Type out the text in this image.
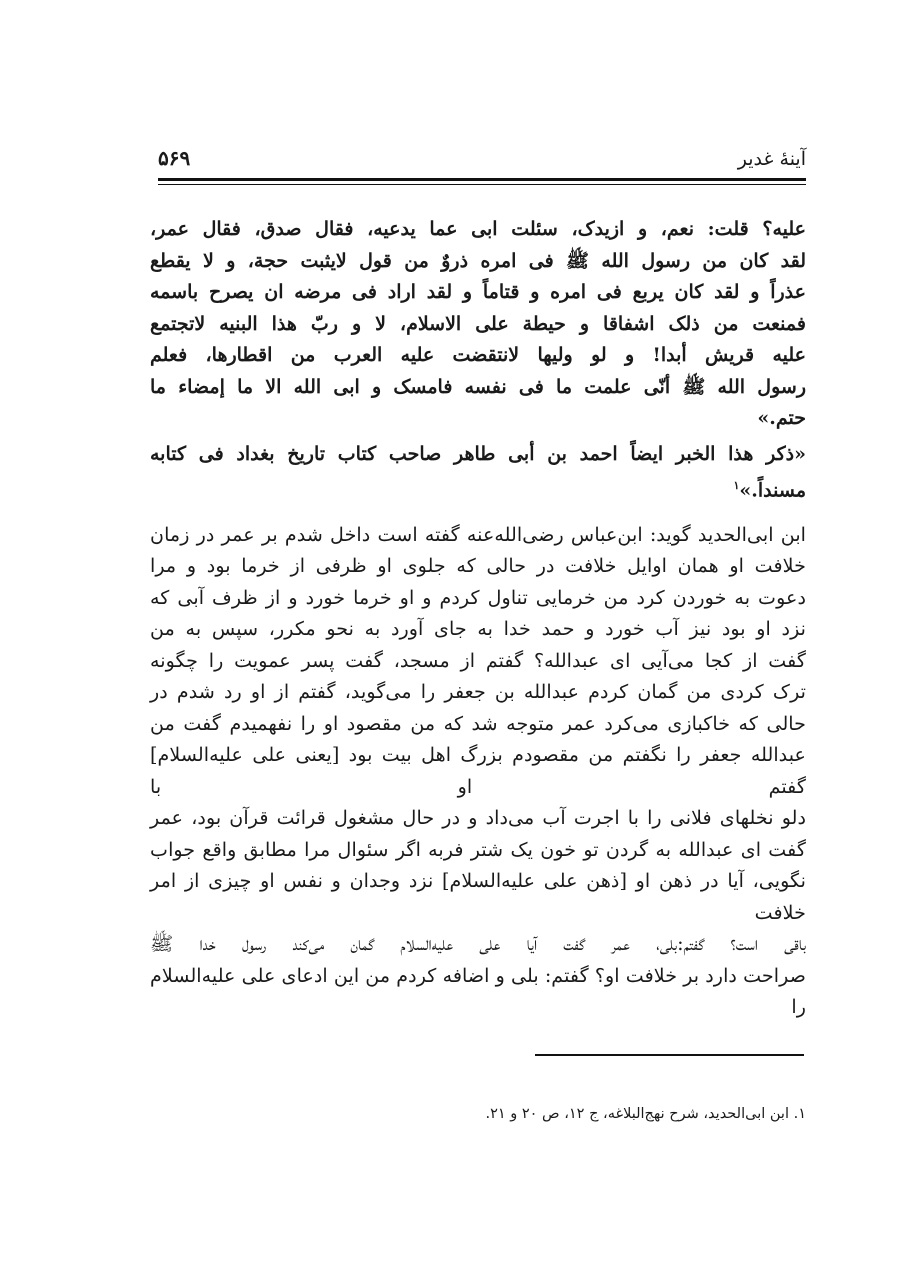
آینهٔ غدیر
۵۶۹
علیه؟ قلت: نعم، و ازیدک، سئلت ابی عما یدعیه، فقال صدق، فقال عمر،
لقد کان من رسول الله ﷺ فی امره ذروٌ من قول لایثبت حجة، و لا یقطع
عذراً و لقد کان یربع فی امره و قتاماً و لقد اراد فی مرضه ان یصرح باسمه
فمنعت من ذلک اشفاقا و حیطة علی الاسلام، لا و ربّ هذا البنیه لاتجتمع
علیه قریش أبدا! و لو ولیها لانتقضت علیه العرب من اقطارها، فعلم
رسول الله ﷺ أنّی علمت ما فی نفسه فامسک و ابی الله الا ما إمضاء ما
حتم.»
«ذکر هذا الخبر ایضاً احمد بن أبی طاهر صاحب کتاب تاریخ بغداد فی کتابه
مسنداً.»$^۱$
ابن ابی‌الحدید گوید: ابن‌عباس رضی‌الله‌عنه گفته است داخل شدم بر عمر در زمان
خلافت او همان اوایل خلافت در حالی که جلوی او ظرفی از خرما بود و مرا
دعوت به خوردن کرد من خرمایی تناول کردم و او خرما خورد و از ظرف آبی که
نزد او بود نیز آب خورد و حمد خدا به جای آورد به نحو مکرر، سپس به من
گفت از کجا می‌آیی ای عبدالله؟ گفتم از مسجد، گفت پسر عمویت را چگونه
ترک کردی من گمان کردم عبدالله بن جعفر را می‌گوید، گفتم از او رد شدم در
حالی که خاکبازی می‌کرد عمر متوجه شد که من مقصود او را نفهمیدم گفت من
عبدالله جعفر را نگفتم من مقصودم بزرگ اهل بیت بود [یعنی علی علیه‌السلام] گفتم او با
دلو نخلهای فلانی را با اجرت آب می‌داد و در حال مشغول قرائت قرآن بود، عمر
گفت ای عبدالله به گردن تو خون یک شتر فربه اگر سئوال مرا مطابق واقع جواب
نگویی، آیا در ذهن او [ذهن علی علیه‌السلام] نزد وجدان و نفس او چیزی از امر خلافت
باقی است؟ گفتم:بلی، عمر گفت آیا علی علیه‌السلام گمان می‌کند رسول خدا ﷺ
صراحت دارد بر خلافت او؟ گفتم: بلی و اضافه کردم من این ادعای علی علیه‌السلام را
۱. ابن ابی‌الحدید، شرح نهج‌البلاغه، ج ۱۲، ص ۲۰ و ۲۱.
